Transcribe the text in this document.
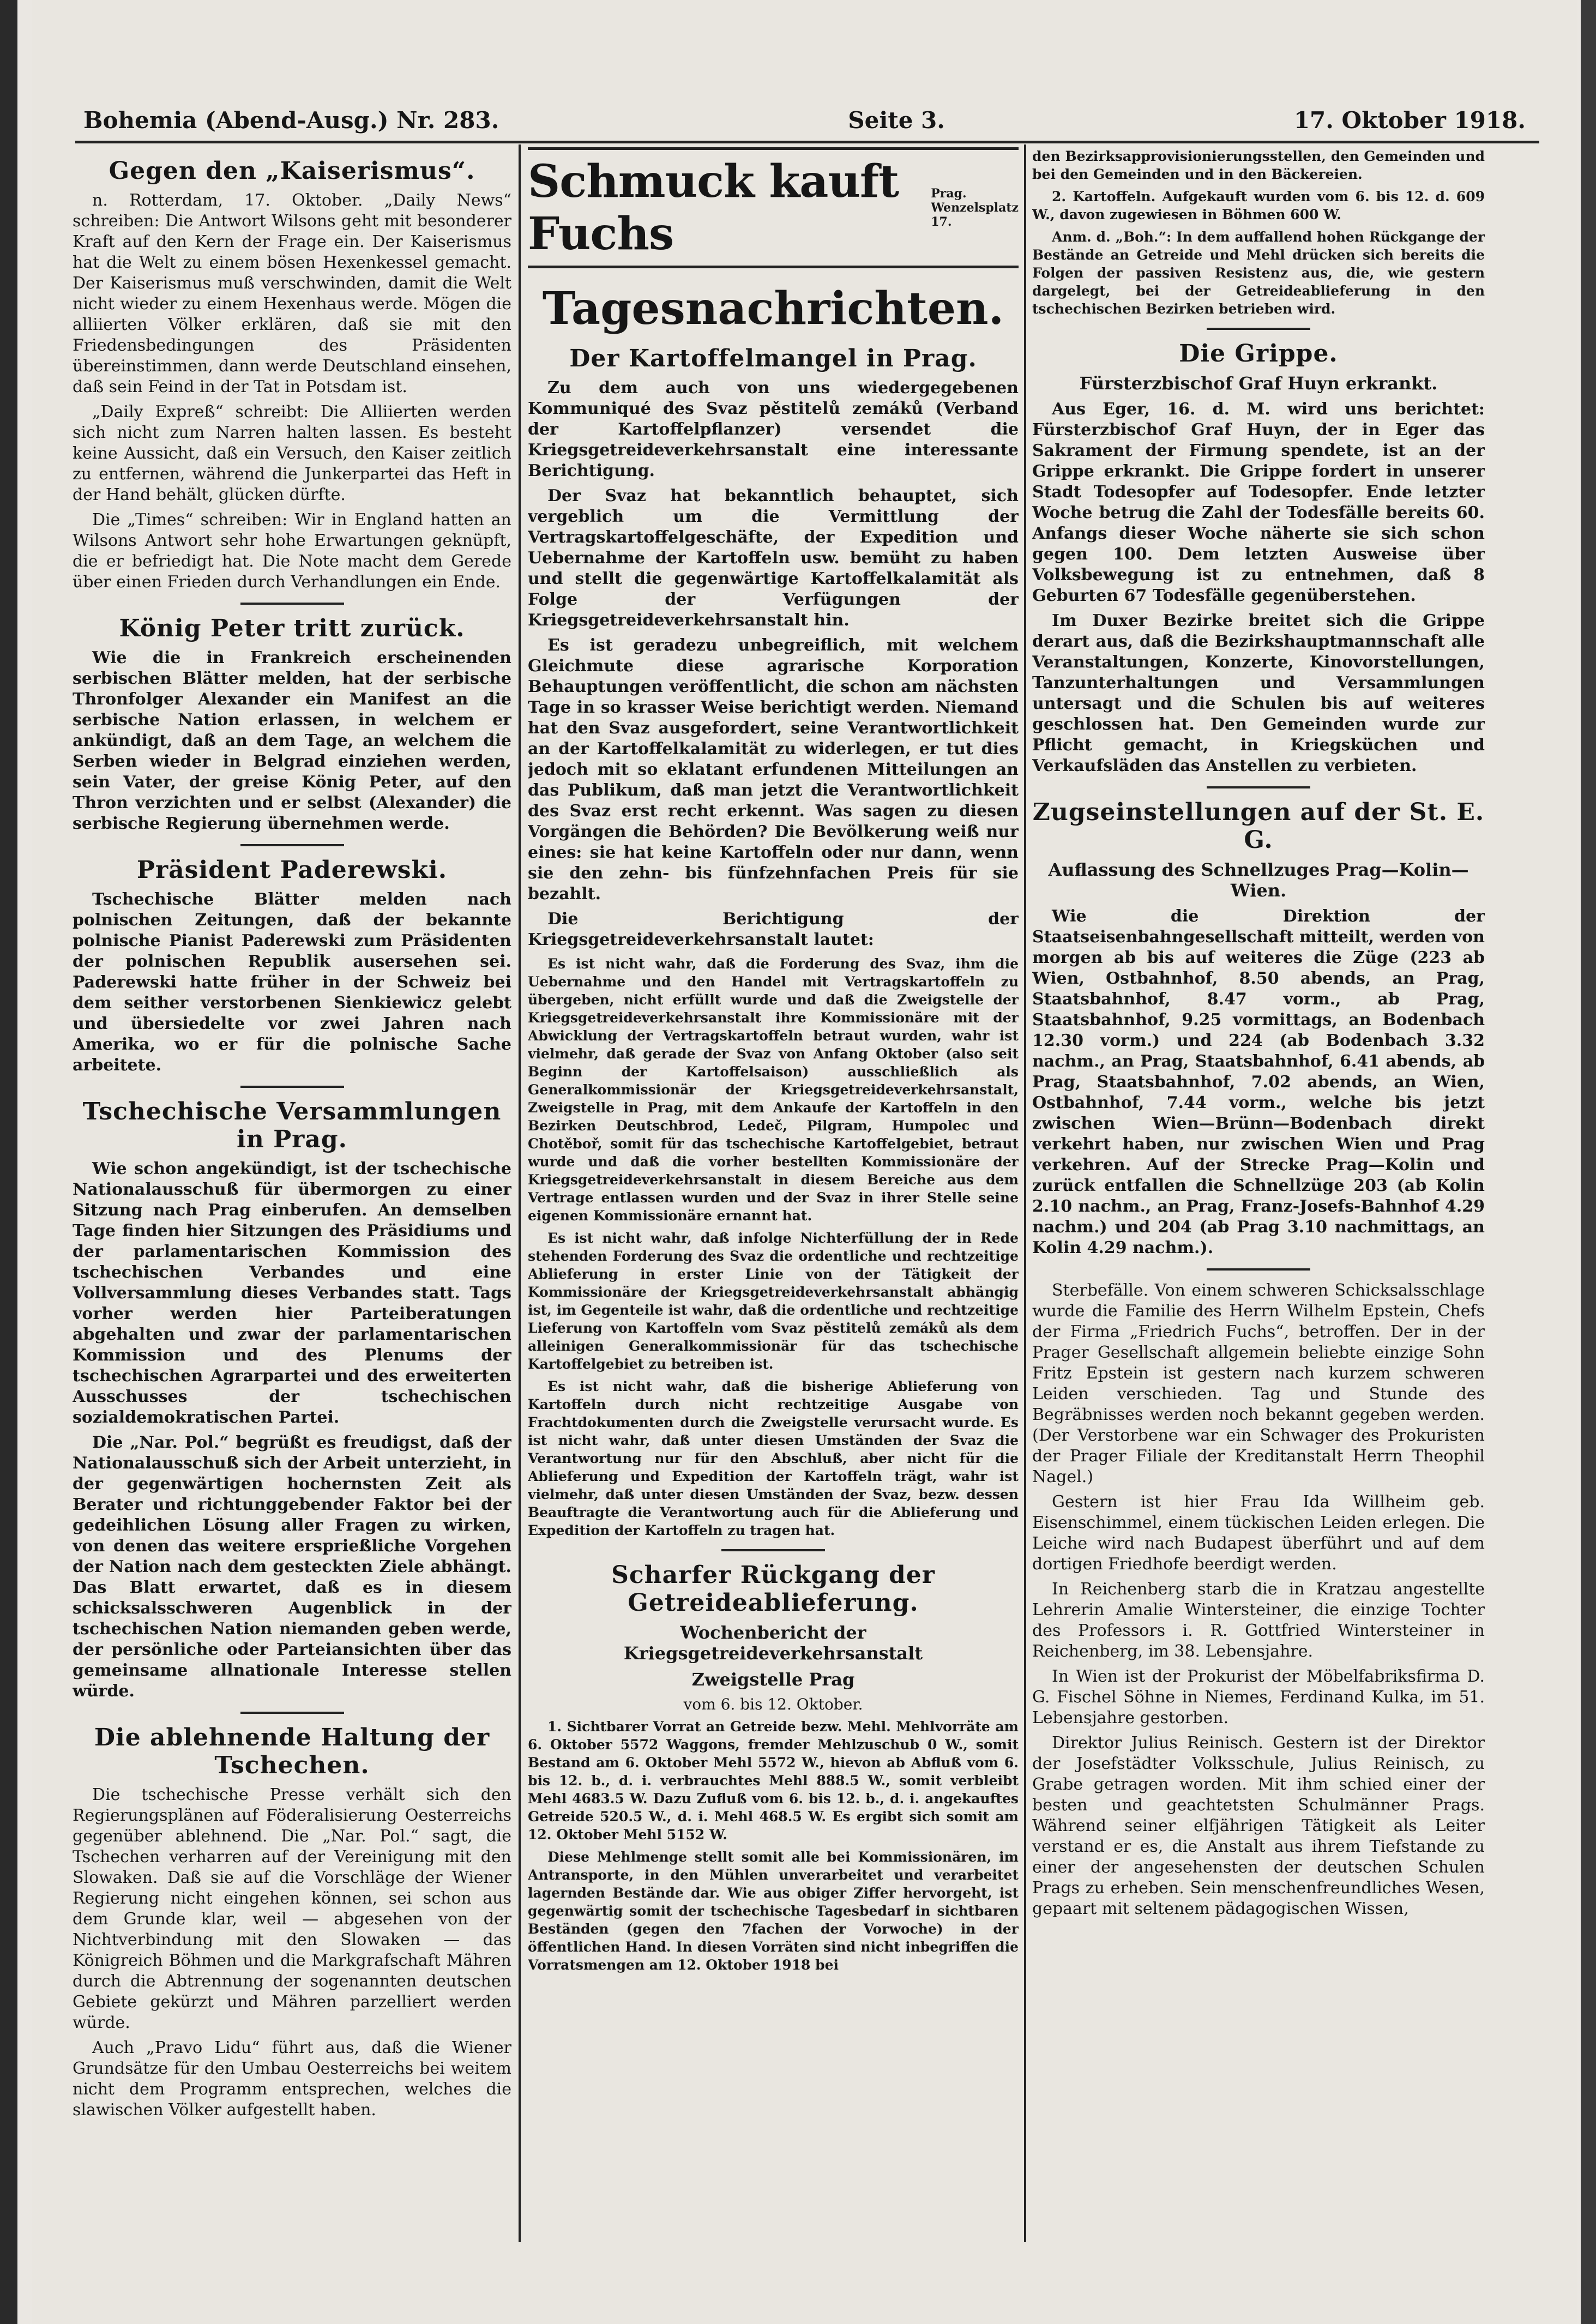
Bohemia (Abend-Ausg.) Nr. 283.	Seite 3.	17. Oktober 1918.
Gegen den „Kaiserismus“.

n. Rotterdam, 17. Oktober. „Daily News“ schreiben: Die Antwort Wilsons geht mit besonderer Kraft auf den Kern der Frage ein. Der Kaiserismus hat die Welt zu einem bösen Hexenkessel gemacht. Der Kaiserismus muß verschwinden, damit die Welt nicht wieder zu einem Hexenhaus werde. Mögen die alliierten Völker erklären, daß sie mit den Friedensbedingungen des Präsidenten übereinstimmen, dann werde Deutschland einsehen, daß sein Feind in der Tat in Potsdam ist.

„Daily Expreß“ schreibt: Die Alliierten werden sich nicht zum Narren halten lassen. Es besteht keine Aussicht, daß ein Versuch, den Kaiser zeitlich zu entfernen, während die Junkerpartei das Heft in der Hand behält, glücken dürfte.

Die „Times“ schreiben: Wir in England hatten an Wilsons Antwort sehr hohe Erwartungen geknüpft, die er befriedigt hat. Die Note macht dem Gerede über einen Frieden durch Verhandlungen ein Ende.

König Peter tritt zurück.

Wie die in Frankreich erscheinenden serbischen Blätter melden, hat der serbische Thronfolger Alexander ein Manifest an die serbische Nation erlassen, in welchem er ankündigt, daß an dem Tage, an welchem die Serben wieder in Belgrad einziehen werden, sein Vater, der greise König Peter, auf den Thron verzichten und er selbst (Alexander) die serbische Regierung übernehmen werde.

Präsident Paderewski.

Tschechische Blätter melden nach polnischen Zeitungen, daß der bekannte polnische Pianist Paderewski zum Präsidenten der polnischen Republik ausersehen sei. Paderewski hatte früher in der Schweiz bei dem seither verstorbenen Sienkiewicz gelebt und übersiedelte vor zwei Jahren nach Amerika, wo er für die polnische Sache arbeitete.

Tschechische Versammlungen in Prag.

Wie schon angekündigt, ist der tschechische Nationalausschuß für übermorgen zu einer Sitzung nach Prag einberufen. An demselben Tage finden hier Sitzungen des Präsidiums und der parlamentarischen Kommission des tschechischen Verbandes und eine Vollversammlung dieses Verbandes statt. Tags vorher werden hier Parteiberatungen abgehalten und zwar der parlamentarischen Kommission und des Plenums der tschechischen Agrarpartei und des erweiterten Ausschusses der tschechischen sozialdemokratischen Partei.

Die „Nar. Pol.“ begrüßt es freudigst, daß der Nationalausschuß sich der Arbeit unterzieht, in der gegenwärtigen hochernsten Zeit als Berater und richtunggebender Faktor bei der gedeihlichen Lösung aller Fragen zu wirken, von denen das weitere ersprießliche Vorgehen der Nation nach dem gesteckten Ziele abhängt. Das Blatt erwartet, daß es in diesem schicksalsschweren Augenblick in der tschechischen Nation niemanden geben werde, der persönliche oder Parteiansichten über das gemeinsame allnationale Interesse stellen würde.

Die ablehnende Haltung der Tschechen.

Die tschechische Presse verhält sich den Regierungsplänen auf Föderalisierung Oesterreichs gegenüber ablehnend. Die „Nar. Pol.“ sagt, die Tschechen verharren auf der Vereinigung mit den Slowaken. Daß sie auf die Vorschläge der Wiener Regierung nicht eingehen können, sei schon aus dem Grunde klar, weil — abgesehen von der Nichtverbindung mit den Slowaken — das Königreich Böhmen und die Markgrafschaft Mähren durch die Abtrennung der sogenannten deutschen Gebiete gekürzt und Mähren parzelliert werden würde.

Auch „Pravo Lidu“ führt aus, daß die Wiener Grundsätze für den Umbau Oesterreichs bei weitem nicht dem Programm entsprechen, welches die slawischen Völker aufgestellt haben.

Schmuck kauft Fuchs
Prag.
Wenzelsplatz 17.
Tagesnachrichten.
Der Kartoffelmangel in Prag.

Zu dem auch von uns wiedergegebenen Kommuniqué des Svaz pěstitelů zemáků (Verband der Kartoffelpflanzer) versendet die Kriegsgetreideverkehrsanstalt eine interessante Berichtigung.

Der Svaz hat bekanntlich behauptet, sich vergeblich um die Vermittlung der Vertragskartoffelgeschäfte, der Expedition und Uebernahme der Kartoffeln usw. bemüht zu haben und stellt die gegenwärtige Kartoffelkalamität als Folge der Verfügungen der Kriegsgetreideverkehrsanstalt hin.

Es ist geradezu unbegreiflich, mit welchem Gleichmute diese agrarische Korporation Behauptungen veröffentlicht, die schon am nächsten Tage in so krasser Weise berichtigt werden. Niemand hat den Svaz ausgefordert, seine Verantwortlichkeit an der Kartoffelkalamität zu widerlegen, er tut dies jedoch mit so eklatant erfundenen Mitteilungen an das Publikum, daß man jetzt die Verantwortlichkeit des Svaz erst recht erkennt. Was sagen zu diesen Vorgängen die Behörden? Die Bevölkerung weiß nur eines: sie hat keine Kartoffeln oder nur dann, wenn sie den zehn- bis fünfzehnfachen Preis für sie bezahlt.

Die Berichtigung der Kriegsgetreideverkehrsanstalt lautet:

Es ist nicht wahr, daß die Forderung des Svaz, ihm die Uebernahme und den Handel mit Vertragskartoffeln zu übergeben, nicht erfüllt wurde und daß die Zweigstelle der Kriegsgetreideverkehrsanstalt ihre Kommissionäre mit der Abwicklung der Vertragskartoffeln betraut wurden, wahr ist vielmehr, daß gerade der Svaz von Anfang Oktober (also seit Beginn der Kartoffelsaison) ausschließlich als Generalkommissionär der Kriegsgetreideverkehrsanstalt, Zweigstelle in Prag, mit dem Ankaufe der Kartoffeln in den Bezirken Deutschbrod, Ledeč, Pilgram, Humpolec und Chotěboř, somit für das tschechische Kartoffelgebiet, betraut wurde und daß die vorher bestellten Kommissionäre der Kriegsgetreideverkehrsanstalt in diesem Bereiche aus dem Vertrage entlassen wurden und der Svaz in ihrer Stelle seine eigenen Kommissionäre ernannt hat.

Es ist nicht wahr, daß infolge Nichterfüllung der in Rede stehenden Forderung des Svaz die ordentliche und rechtzeitige Ablieferung in erster Linie von der Tätigkeit der Kommissionäre der Kriegsgetreideverkehrsanstalt abhängig ist, im Gegenteile ist wahr, daß die ordentliche und rechtzeitige Lieferung von Kartoffeln vom Svaz pěstitelů zemáků als dem alleinigen Generalkommissionär für das tschechische Kartoffelgebiet zu betreiben ist.

Es ist nicht wahr, daß die bisherige Ablieferung von Kartoffeln durch nicht rechtzeitige Ausgabe von Frachtdokumenten durch die Zweigstelle verursacht wurde. Es ist nicht wahr, daß unter diesen Umständen der Svaz die Verantwortung nur für den Abschluß, aber nicht für die Ablieferung und Expedition der Kartoffeln trägt, wahr ist vielmehr, daß unter diesen Umständen der Svaz, bezw. dessen Beauftragte die Verantwortung auch für die Ablieferung und Expedition der Kartoffeln zu tragen hat.

Scharfer Rückgang der Getreideablieferung.
Wochenbericht der Kriegsgetreideverkehrsanstalt
Zweigstelle Prag
vom 6. bis 12. Oktober.

1. Sichtbarer Vorrat an Getreide bezw. Mehl. Mehlvorräte am 6. Oktober 5572 Waggons, fremder Mehlzuschub 0 W., somit Bestand am 6. Oktober Mehl 5572 W., hievon ab Abfluß vom 6. bis 12. b., d. i. verbrauchtes Mehl 888.5 W., somit verbleibt Mehl 4683.5 W. Dazu Zufluß vom 6. bis 12. b., d. i. angekauftes Getreide 520.5 W., d. i. Mehl 468.5 W. Es ergibt sich somit am 12. Oktober Mehl 5152 W.

Diese Mehlmenge stellt somit alle bei Kommissionären, im Antransporte, in den Mühlen unverarbeitet und verarbeitet lagernden Bestände dar. Wie aus obiger Ziffer hervorgeht, ist gegenwärtig somit der tschechische Tagesbedarf in sichtbaren Beständen (gegen den 7fachen der Vorwoche) in der öffentlichen Hand. In diesen Vorräten sind nicht inbegriffen die Vorratsmengen am 12. Oktober 1918 bei

den Bezirksapprovisionierungsstellen, den Gemeinden und bei den Gemeinden und in den Bäckereien.

2. Kartoffeln. Aufgekauft wurden vom 6. bis 12. d. 609 W., davon zugewiesen in Böhmen 600 W.

Anm. d. „Boh.“: In dem auffallend hohen Rückgange der Bestände an Getreide und Mehl drücken sich bereits die Folgen der passiven Resistenz aus, die, wie gestern dargelegt, bei der Getreideablieferung in den tschechischen Bezirken betrieben wird.

Die Grippe.
Fürsterzbischof Graf Huyn erkrankt.

Aus Eger, 16. d. M. wird uns berichtet: Fürsterzbischof Graf Huyn, der in Eger das Sakrament der Firmung spendete, ist an der Grippe erkrankt. Die Grippe fordert in unserer Stadt Todesopfer auf Todesopfer. Ende letzter Woche betrug die Zahl der Todesfälle bereits 60. Anfangs dieser Woche näherte sie sich schon gegen 100. Dem letzten Ausweise über Volksbewegung ist zu entnehmen, daß 8 Geburten 67 Todesfälle gegenüberstehen.

Im Duxer Bezirke breitet sich die Grippe derart aus, daß die Bezirkshauptmannschaft alle Veranstaltungen, Konzerte, Kinovorstellungen, Tanzunterhaltungen und Versammlungen untersagt und die Schulen bis auf weiteres geschlossen hat. Den Gemeinden wurde zur Pflicht gemacht, in Kriegsküchen und Verkaufsläden das Anstellen zu verbieten.

Zugseinstellungen auf der St. E. G.
Auflassung des Schnellzuges Prag—Kolin—Wien.

Wie die Direktion der Staatseisenbahngesellschaft mitteilt, werden von morgen ab bis auf weiteres die Züge (223 ab Wien, Ostbahnhof, 8.50 abends, an Prag, Staatsbahnhof, 8.47 vorm., ab Prag, Staatsbahnhof, 9.25 vormittags, an Bodenbach 12.30 vorm.) und 224 (ab Bodenbach 3.32 nachm., an Prag, Staatsbahnhof, 6.41 abends, ab Prag, Staatsbahnhof, 7.02 abends, an Wien, Ostbahnhof, 7.44 vorm., welche bis jetzt zwischen Wien—Brünn—Bodenbach direkt verkehrt haben, nur zwischen Wien und Prag verkehren. Auf der Strecke Prag—Kolin und zurück entfallen die Schnellzüge 203 (ab Kolin 2.10 nachm., an Prag, Franz-Josefs-Bahnhof 4.29 nachm.) und 204 (ab Prag 3.10 nachmittags, an Kolin 4.29 nachm.).

Sterbefälle. Von einem schweren Schicksalsschlage wurde die Familie des Herrn Wilhelm Epstein, Chefs der Firma „Friedrich Fuchs“, betroffen. Der in der Prager Gesellschaft allgemein beliebte einzige Sohn Fritz Epstein ist gestern nach kurzem schweren Leiden verschieden. Tag und Stunde des Begräbnisses werden noch bekannt gegeben werden. (Der Verstorbene war ein Schwager des Prokuristen der Prager Filiale der Kreditanstalt Herrn Theophil Nagel.)

Gestern ist hier Frau Ida Willheim geb. Eisenschimmel, einem tückischen Leiden erlegen. Die Leiche wird nach Budapest überführt und auf dem dortigen Friedhofe beerdigt werden.

In Reichenberg starb die in Kratzau angestellte Lehrerin Amalie Wintersteiner, die einzige Tochter des Professors i. R. Gottfried Wintersteiner in Reichenberg, im 38. Lebensjahre.

In Wien ist der Prokurist der Möbelfabriksfirma D. G. Fischel Söhne in Niemes, Ferdinand Kulka, im 51. Lebensjahre gestorben.

Direktor Julius Reinisch. Gestern ist der Direktor der Josefstädter Volksschule, Julius Reinisch, zu Grabe getragen worden. Mit ihm schied einer der besten und geachtetsten Schulmänner Prags. Während seiner elfjährigen Tätigkeit als Leiter verstand er es, die Anstalt aus ihrem Tiefstande zu einer der angesehensten der deutschen Schulen Prags zu erheben. Sein menschenfreundliches Wesen, gepaart mit seltenem pädagogischen Wissen,
